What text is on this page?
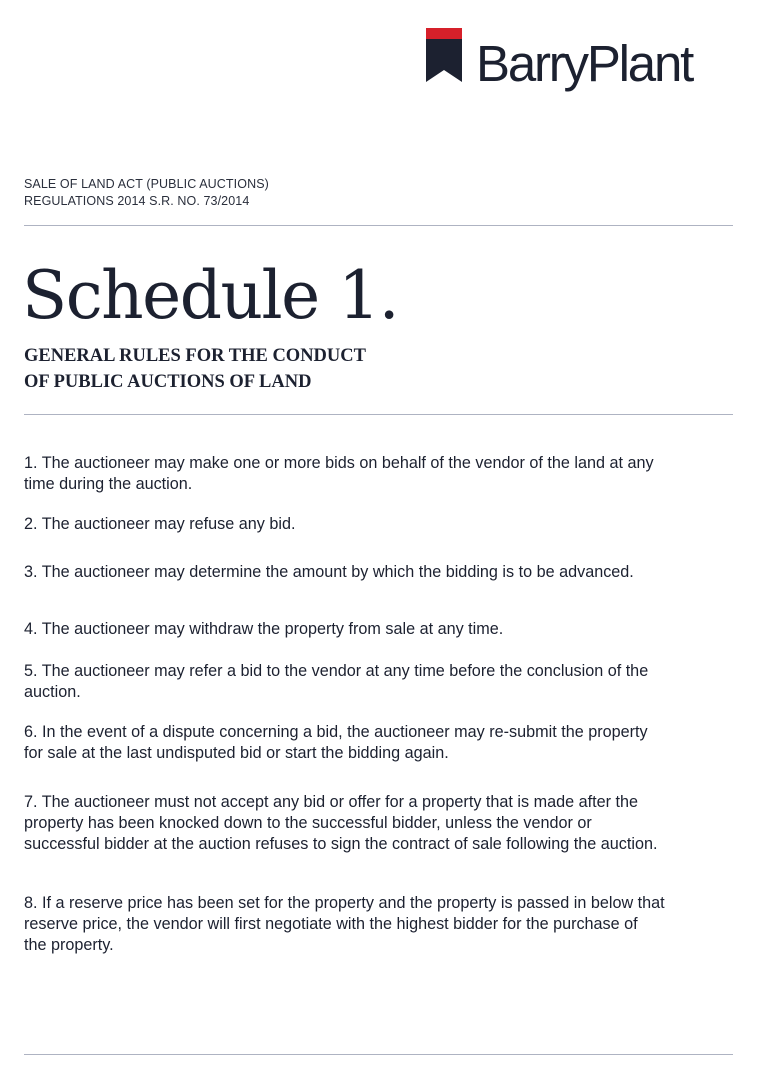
BarryPlant
SALE OF LAND ACT (PUBLIC AUCTIONS)
REGULATIONS 2014 S.R. NO. 73/2014
Schedule 1.
GENERAL RULES FOR THE CONDUCT
OF PUBLIC AUCTIONS OF LAND
1. The auctioneer may make one or more bids on behalf of the vendor of the land at any
time during the auction.
2. The auctioneer may refuse any bid.
3. The auctioneer may determine the amount by which the bidding is to be advanced.
4. The auctioneer may withdraw the property from sale at any time.
5. The auctioneer may refer a bid to the vendor at any time before the conclusion of the
auction.
6. In the event of a dispute concerning a bid, the auctioneer may re-submit the property
for sale at the last undisputed bid or start the bidding again.
7. The auctioneer must not accept any bid or offer for a property that is made after the
property has been knocked down to the successful bidder, unless the vendor or
successful bidder at the auction refuses to sign the contract of sale following the auction.
8. If a reserve price has been set for the property and the property is passed in below that
reserve price, the vendor will first negotiate with the highest bidder for the purchase of
the property.
